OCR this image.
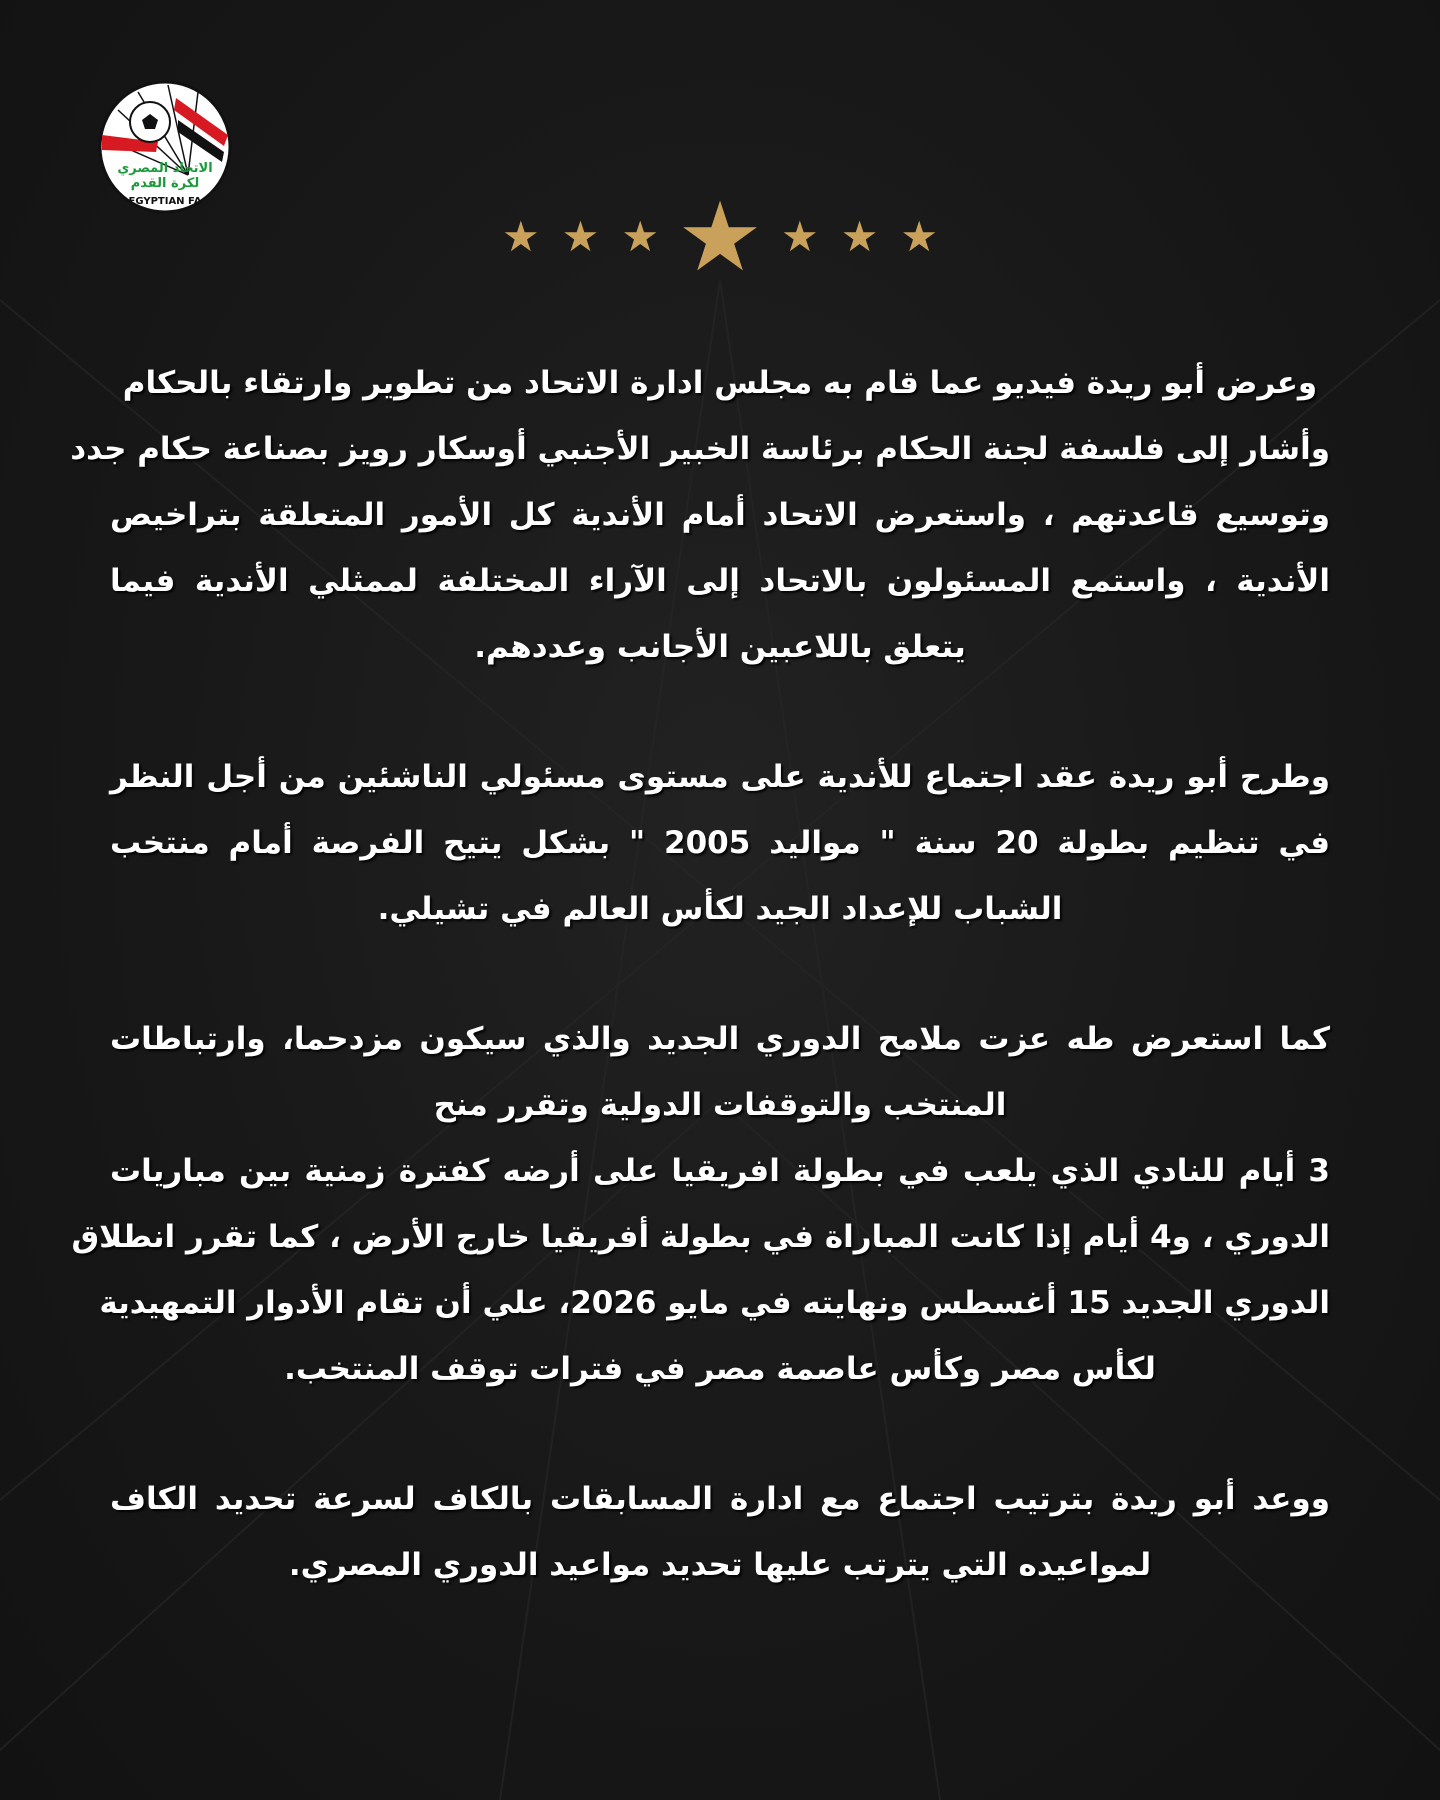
الاتحاد المصري
لكرة القدم
EGYPTIAN FA
★ ★ ★ ★ ★ ★ ★
وعرض أبو ريدة فيديو عما قام به مجلس ادارة الاتحاد من تطوير وارتقاء بالحكام
وأشار إلى فلسفة لجنة الحكام برئاسة الخبير الأجنبي أوسكار رويز بصناعة حكام جدد
وتوسيع قاعدتهم ، واستعرض الاتحاد أمام الأندية كل الأمور المتعلقة بتراخيص
الأندية ، واستمع المسئولون بالاتحاد إلى الآراء المختلفة لممثلي الأندية فيما
يتعلق باللاعبين الأجانب وعددهم.
وطرح أبو ريدة عقد اجتماع للأندية على مستوى مسئولي الناشئين من أجل النظر
في تنظيم بطولة 20 سنة " مواليد 2005 " بشكل يتيح الفرصة أمام منتخب
الشباب للإعداد الجيد لكأس العالم في تشيلي.
كما استعرض طه عزت ملامح الدوري الجديد والذي سيكون مزدحما، وارتباطات
المنتخب والتوقفات الدولية وتقرر منح
3 أيام للنادي الذي يلعب في بطولة افريقيا على أرضه كفترة زمنية بين مباريات
الدوري ، و4 أيام إذا كانت المباراة في بطولة أفريقيا خارج الأرض ، كما تقرر انطلاق
الدوري الجديد 15 أغسطس ونهايته في مايو 2026، علي أن تقام الأدوار التمهيدية
لكأس مصر وكأس عاصمة مصر في فترات توقف المنتخب.
ووعد أبو ريدة بترتيب اجتماع مع ادارة المسابقات بالكاف لسرعة تحديد الكاف
لمواعيده التي يترتب عليها تحديد مواعيد الدوري المصري.
